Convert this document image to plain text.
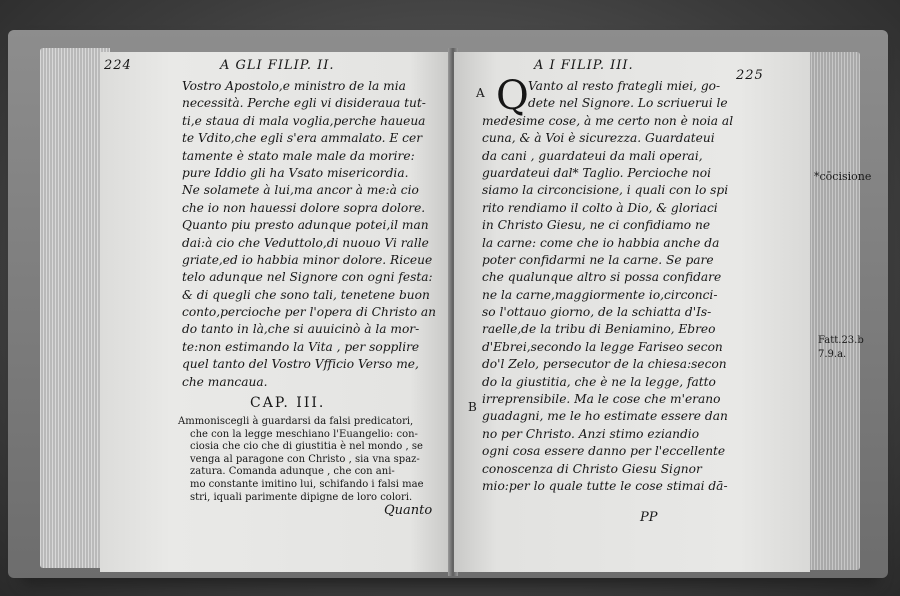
224	A GLI FILIP. II.
Vostro Apostolo,e ministro de la mia
necessità. Perche egli vi disideraua tut-
ti,e staua di mala voglia,perche haueua
te Vdito,che egli s'era ammalato. E cer
tamente è stato male male da morire:
pure Iddio gli ha Vsato misericordia.
Ne solamete à lui,ma ancor à me:à cio
che io non hauessi dolore sopra dolore.
Quanto piu presto adunque potei,il man
dai:à cio che Veduttolo,di nuouo Vi ralle
griate,ed io habbia minor dolore. Riceue
telo adunque nel Signore con ogni festa:
& di quegli che sono tali, tenetene buon
conto,percioche per l'opera di Christo an
do tanto in là,che si auuicinò à la mor-
te:non estimando la Vita , per sopplire
quel tanto del Vostro Vfficio Verso me,
che mancaua.
CAP. III.
Ammoniscegli à guardarsi da falsi predicatori,
che con la legge meschiano l'Euangelio: con-
ciosia che cio che di giustitia è nel mondo , se
venga al paragone con Christo , sia vna spaz-
zatura. Comanda adunque , che con ani-
mo constante imitino lui, schifando i falsi mae
stri, iquali parimente dipigne de loro colori.
Quanto
A I FILIP. III.
225
Q
A
B
Vanto al resto frategli miei, go-
dete nel Signore. Lo scriuerui le
medesime cose, à me certo non è noia al
cuna, & à Voi è sicurezza. Guardateui
da cani , guardateui da mali operai,
guardateui dal* Taglio. Percioche noi
siamo la circoncisione, i quali con lo spi
rito rendiamo il colto à Dio, & gloriaci
in Christo Giesu, ne ci confidiamo ne
la carne: come che io habbia anche da
poter confidarmi ne la carne. Se pare
che qualunque altro si possa confidare
ne la carne,maggiormente io,circonci-
so l'ottauo giorno, de la schiatta d'Is-
raelle,de la tribu di Beniamino, Ebreo
d'Ebrei,secondo la legge Fariseo secon
do'l Zelo, persecutor de la chiesa:secon
do la giustitia, che è ne la legge, fatto
irreprensibile. Ma le cose che m'erano
guadagni, me le ho estimate essere dan
no per Christo. Anzi stimo eziandio
ogni cosa essere danno per l'eccellente
conoscenza di Christo Giesu Signor
mio:per lo quale tutte le cose stimai dā-
PP
*cōcisione
Fatt.23.b
7.9.a.
